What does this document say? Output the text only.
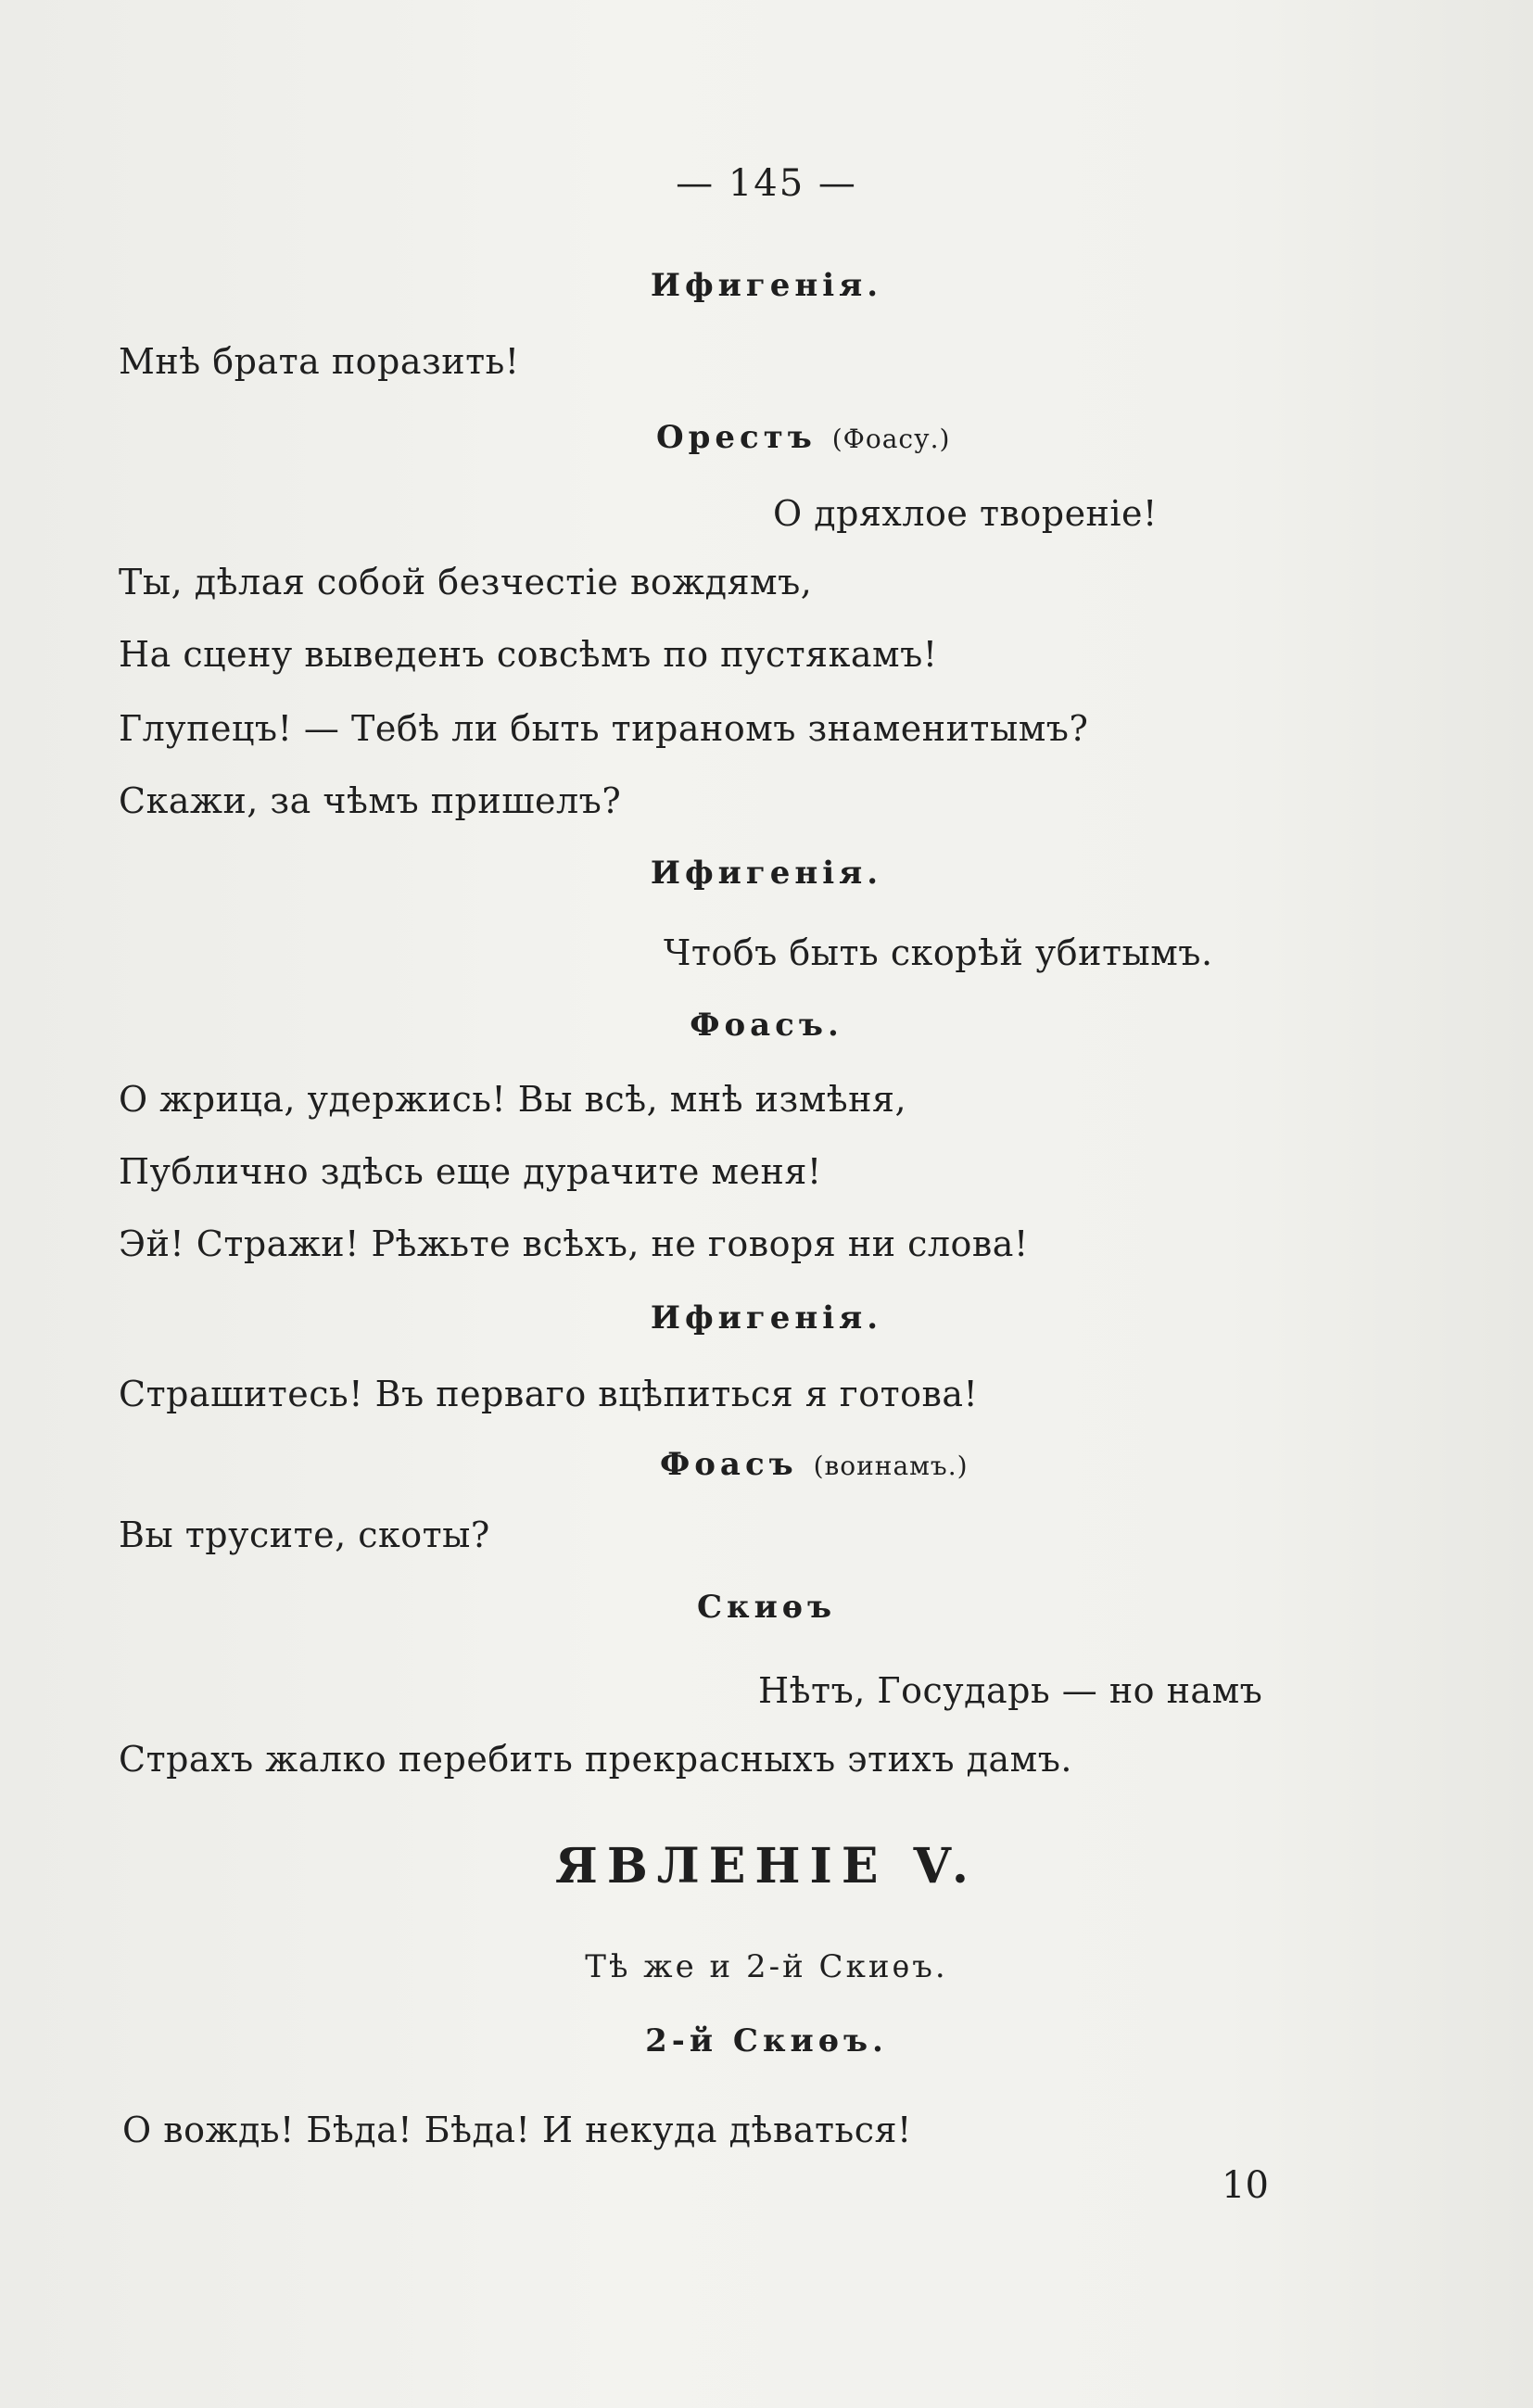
— 145 —
Ифигенія.
Мнѣ брата поразить!
Орестъ (Фоасу.)
О дряхлое твореніе!
Ты, дѣлая собой безчестіе вождямъ,
На сцену выведенъ совсѣмъ по пустякамъ!
Глупецъ! — Тебѣ ли быть тираномъ знаменитымъ?
Скажи, за чѣмъ пришелъ?
Ифигенія.
Чтобъ быть скорѣй убитымъ.
Фоасъ.
О жрица, удержись! Вы всѣ, мнѣ измѣня,
Публично здѣсь еще дурачите меня!
Эй! Стражи! Рѣжьте всѣхъ, не говоря ни слова!
Ифигенія.
Страшитесь! Въ перваго вцѣпиться я готова!
Фоасъ (воинамъ.)
Вы трусите, скоты?
Скиѳъ
Нѣтъ, Государь — но намъ
Страхъ жалко перебить прекрасныхъ этихъ дамъ.
ЯВЛЕНІЕ V.
Тѣ же и 2-й Скиѳъ.
2-й Скиѳъ.
О вождь! Бѣда! Бѣда! И некуда дѣваться!
10
